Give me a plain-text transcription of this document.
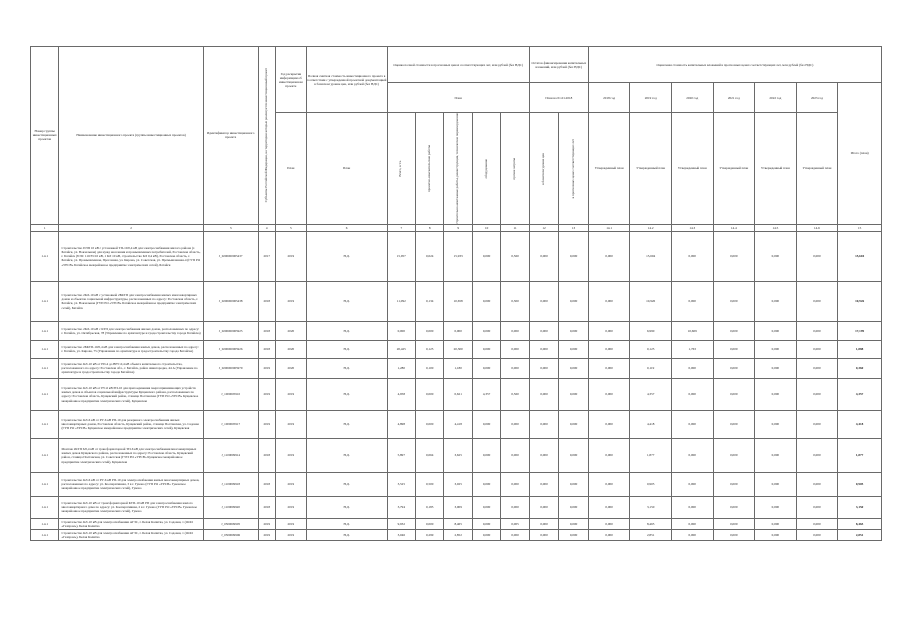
Номер группы инвестиционных проектов	Наименование инвестиционного проекта (группы инвестиционных проектов)	Идентификатор инвестиционного проекта	Субъекты Российской Федерации, на территории которых реализуется инвестиционный проект	Год раскрытия информации об инвестиционном проекте	Полная сметная стоимость инвестиционного проекта в соответствии с утвержденной проектной документацией в базисном уровне цен, млн рублей (без НДС)	Оценка полной стоимости в прогнозных ценах соответствующих лет, млн рублей (без НДС)					Остаток финансирования капитальных вложений, млн рублей (без НДС)		Оценочная стоимость капитальных вложений в прогнозных ценах соответствующих лет, млн рублей (без НДС)						
						План					План на 01.01.2018		2018 год	2019 год	2020 год	2021 год	2022 год	2023 год	Итого (план)
				План	План	Всего, в т.ч.	проектно-изыскательские работы	строительно-монтажные работы, реконструкция, техническое перевооружение	оборудование	прочие затраты	в базисном уровне цен	в прогнозных ценах соответствующих лет	Утвержденный план	Утвержденный план	Утвержденный план	Утвержденный план	Утвержденный план	Утвержденный план	
1	2	3	4	5	6	7	8	9	10	11	12	13	14.1	14.2	14.3	14.4	14.5	14.6	15
1.4.1	Строительство ПЭП 10 кВ с установкой ТП-10/0,4 кВ для электроснабжения жилого района (г. Батайск, ул. Вокзальная) для нужд населения и промышленных потребителей, Ростовская область, г. Батайск (8 ПС 110/35/10 кВ, 1 КЛ 10 кВ, строительство КЛ 0,4 кВ), Ростовская область, г. Батайск, ул. Промышленная, Прогонная, ул. Кирова, ул. Советская, ул. Промышленная-4 (ГУП РО «УРСВ» Батайское межрайонное предприятие электрических сетей), Батайск	J_0200000005437	2017	2019	Н.Д.	15,957	0,024	15,933	0,000	0,560	0,000	0,000	0,000	15,604	0,000	0,000	0,000	0,000	15,604
1.4.1	Строительство 2КЛ-10 кВ с установкой 2БКТП для электроснабжения жилых многоквартирных домов и объектов социальной инфраструктуры, расположенных по адресу: Ростовская область, г. Батайск, ул. Вокзальная (ГУП РО «УРСВ» Батайское межрайонное предприятие электрических сетей), Батайск	J_0200000005438	2018	2019	Н.Д.	11,092	0,134	10,658	0,000	0,300	0,000	0,000	0,000	10,926	0,000	0,000	0,000	0,000	10,926
1.4.1	Строительство 2КЛ-10 кВ с КТП для электроснабжения жилых домов, расположенных по адресу: г. Батайск, ул. Октябрьская, 78 (Управление по архитектуре и градостроительству города Батайска)	J_0200000005925	2018	2020	Н.Д.	0,000	0,000	0,000	0,000	0,000	0,000	0,000	0,000	6,990	10,609	0,000	0,000	0,000	17,199
1.4.1	Строительство 2БКТП-10/0,4 кВ для электроснабжения жилых домов, расположенных по адресу: г. Батайск, ул. Кирова, 75 (Управление по архитектуре и градостроительству города Батайска)	J_0200000005926	2018	2020	Н.Д.	20,425	0,125	20,300	0,000	0,000	0,000	0,000	0,000	0,125	1,763	0,000	0,000	0,000	1,888
1.4.1	Строительство КЛ-10 кВ от РП-4 до ВРУ-0,4 кВ объекта капитального строительства, расположенного по адресу: Ростовская обл., г. Батайск, район Авиагородка, 44 А (Управление по архитектуре и градостроительству города Батайска)	J_0200000005979	2019	2020	Н.Д.	1,280	0,100	1,180	0,000	0,000	0,000	0,000	0,000	0,119	0,000	0,000	0,000	0,000	0,360
1.4.1	Строительство КЛ-10 кВ от РУ-6 кВ РП-10 для присоединения энергопринимающих устройств жилых домов и объектов социальной инфраструктуры Кущевского района, расположенных по адресу: Ростовская область, Кущевский район, станица Полтавская (ГУП РО «УРСВ» Кущевское межрайонное предприятие электрических сетей), Кущевская	J_1000005910	2019	2019	Н.Д.	4,958	0,000	0,621	4,357	0,560	0,000	0,000	0,000	4,357	0,000	0,000	0,000	0,000	4,357
1.4.1	Строительство КЛ-6 кВ от РУ-6 кВ РП-10 для резервного электроснабжения жилых многоквартирных домов, Ростовская область, Кущевский район, станица Полтавская, ул. Садовая (ГУП РО «УРСВ» Кущевское межрайонное предприятие электрических сетей), Кущевская	J_1000005917	2019	2019	Н.Д.	4,898	0,000	4,418	0,000	0,000	0,000	0,000	0,000	4,418	0,000	0,000	0,000	0,000	4,418
1.4.1	Монтаж 2КТП 6/0,4 кВ от трансформаторной ТП-6 кВ для электроснабжения многоквартирных жилых домов Кущевского района, расположенных по адресу: Ростовская область, Кущевский район, станица Полтавская, ул. Советская (ГУП РО «УРСВ» Кущевское межрайонное предприятие электрических сетей), Кущевская	J_1100009914	2018	2019	Н.Д.	5,897	0,064	3,625	0,000	0,000	0,000	0,000	0,000	1,877	0,000	0,000	0,000	0,000	1,877
1.4.1	Строительство КЛ-6 кВ от РУ-6 кВ РП-10 для электроснабжения жилых многоквартирных домов, расположенных по адресу: ул. Кооперативная, 3 в г. Гуково (ГУП РО «УРСВ» Гуковское межрайонное предприятие электрических сетей), Гуково	J_1100009918	2018	2019	Н.Д.	3,525	0,500	3,025	0,000	0,000	0,000	0,000	0,000	0,905	0,000	0,000	0,000	0,000	0,905
1.4.1	Строительство КЛ-10 кВ от трансформаторной КТП-10 кВ РП для электроснабжения жилого многоквартирного дома по адресу: ул. Кооперативная, 2 в г. Гуково (ГУП РО «УРСВ» Гуковское межрайонное предприятие электрических сетей), Гуково	J_1100009920	2018	2019	Н.Д.	3,794	0,185	3,009	0,000	0,000	0,000	0,000	0,000	3,150	0,000	0,000	0,000	0,000	3,150
1.4.1	Строительство КЛ-10 кВ для электроснабжения АГЗС, г. Белая Калитва, ул. Садовая, 1 (ООО «Газпром»), Белая Калитва	J_0500009905	2019	2019	Н.Д.	9,932	0,000	8,465	0,000	0,005	0,000	0,000	0,000	8,465	0,000	0,000	0,000	0,000	8,465
1.4.1	Строительство КЛ-10 кВ для электроснабжения АГЗС, г. Белая Калитва, ул. Садовая, 1 (ООО «Газпром»), Белая Калитва	J_0500009906	2019	2019	Н.Д.	3,046	0,299	2,852	0,000	0,000	0,000	0,000	0,000	2,851	0,000	0,000	0,000	0,000	2,851
